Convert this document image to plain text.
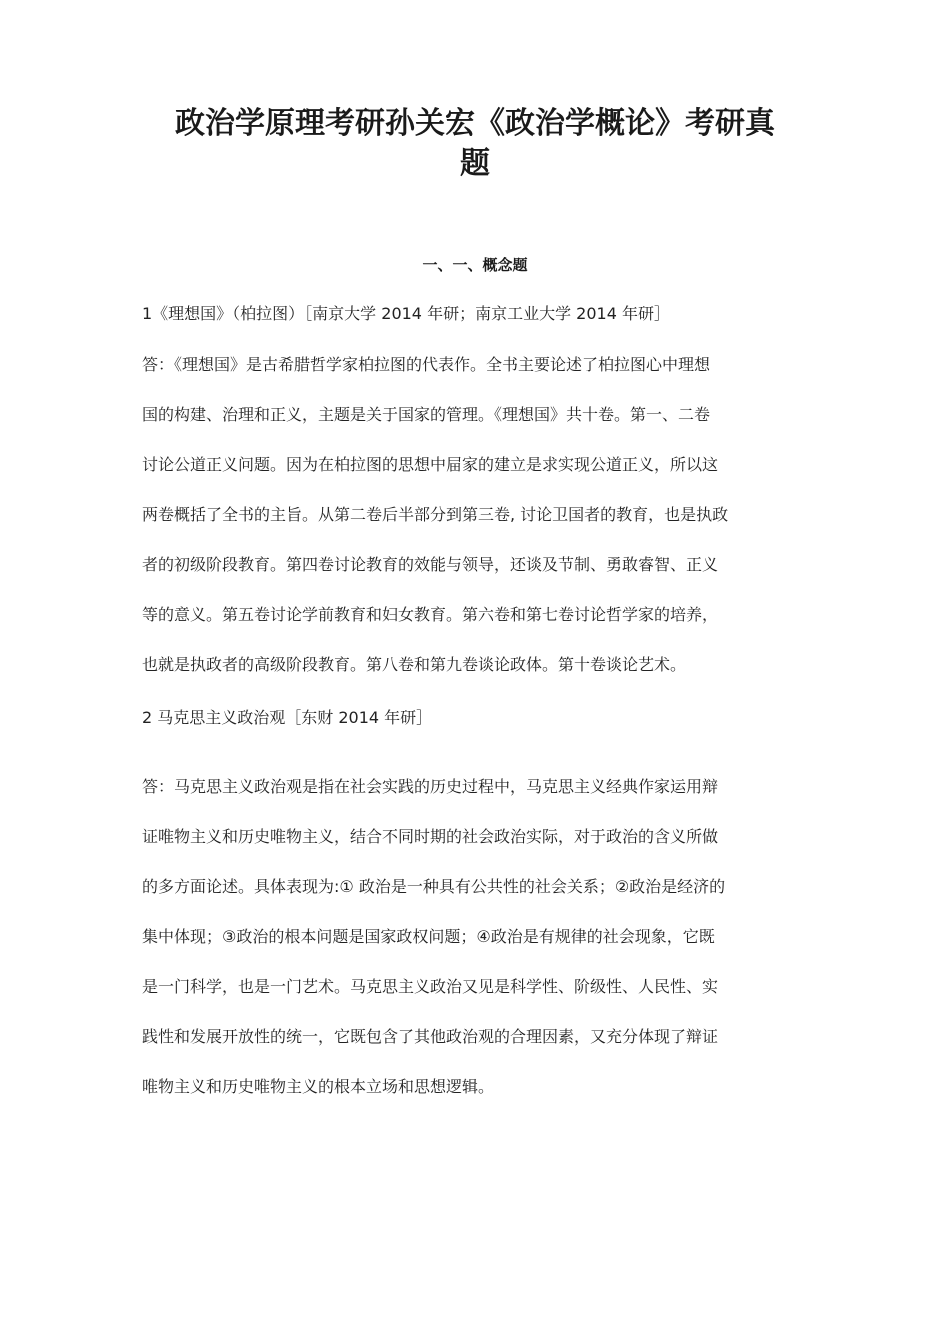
政治学原理考研孙关宏《政治学概论》考研真
题
一、一、概念题
1《理想国》（柏拉图）［南京大学 2014 年研；南京工业大学 2014 年研］

答：《理想国》是古希腊哲学家柏拉图的代表作。全书主要论述了柏拉图心中理想
国的构建、治理和正义，主题是关于国家的管理。《理想国》共十卷。第一、二卷
讨论公道正义问题。因为在柏拉图的思想中屇家的建立是求实现公道正义，所以这
两卷概括了全书的主旨。从第二卷后半部分到第三卷, 讨论卫国者的教育，也是执政
者的初级阶段教育。第四卷讨论教育的效能与领导，还谈及节制、勇敢睿智、正义
等的意义。第五卷讨论学前教育和妇女教育。第六卷和第七卷讨论哲学家的培养，
也就是执政者的高级阶段教育。第八卷和第九卷谈论政体。第十卷谈论艺术。

2 马克思主义政治观［东财 2014 年研］

答：马克思主义政治观是指在社会实践的历史过程中，马克思主义经典作家运用辩
证唯物主义和历史唯物主义，结合不同时期的社会政治实际，对于政治的含义所做
的多方面论述。具体表现为:① 政治是一种具有公共性的社会关系；②政治是经济的
集中体现；③政治的根本问题是国家政权问题；④政治是有规律的社会现象，它既
是一门科学，也是一门艺术。马克思主义政治又见是科学性、阶级性、人民性、实
践性和发展开放性的统一，它既包含了其他政治观的合理因素，又充分体现了辩证
唯物主义和历史唯物主义的根本立场和思想逻辑。
